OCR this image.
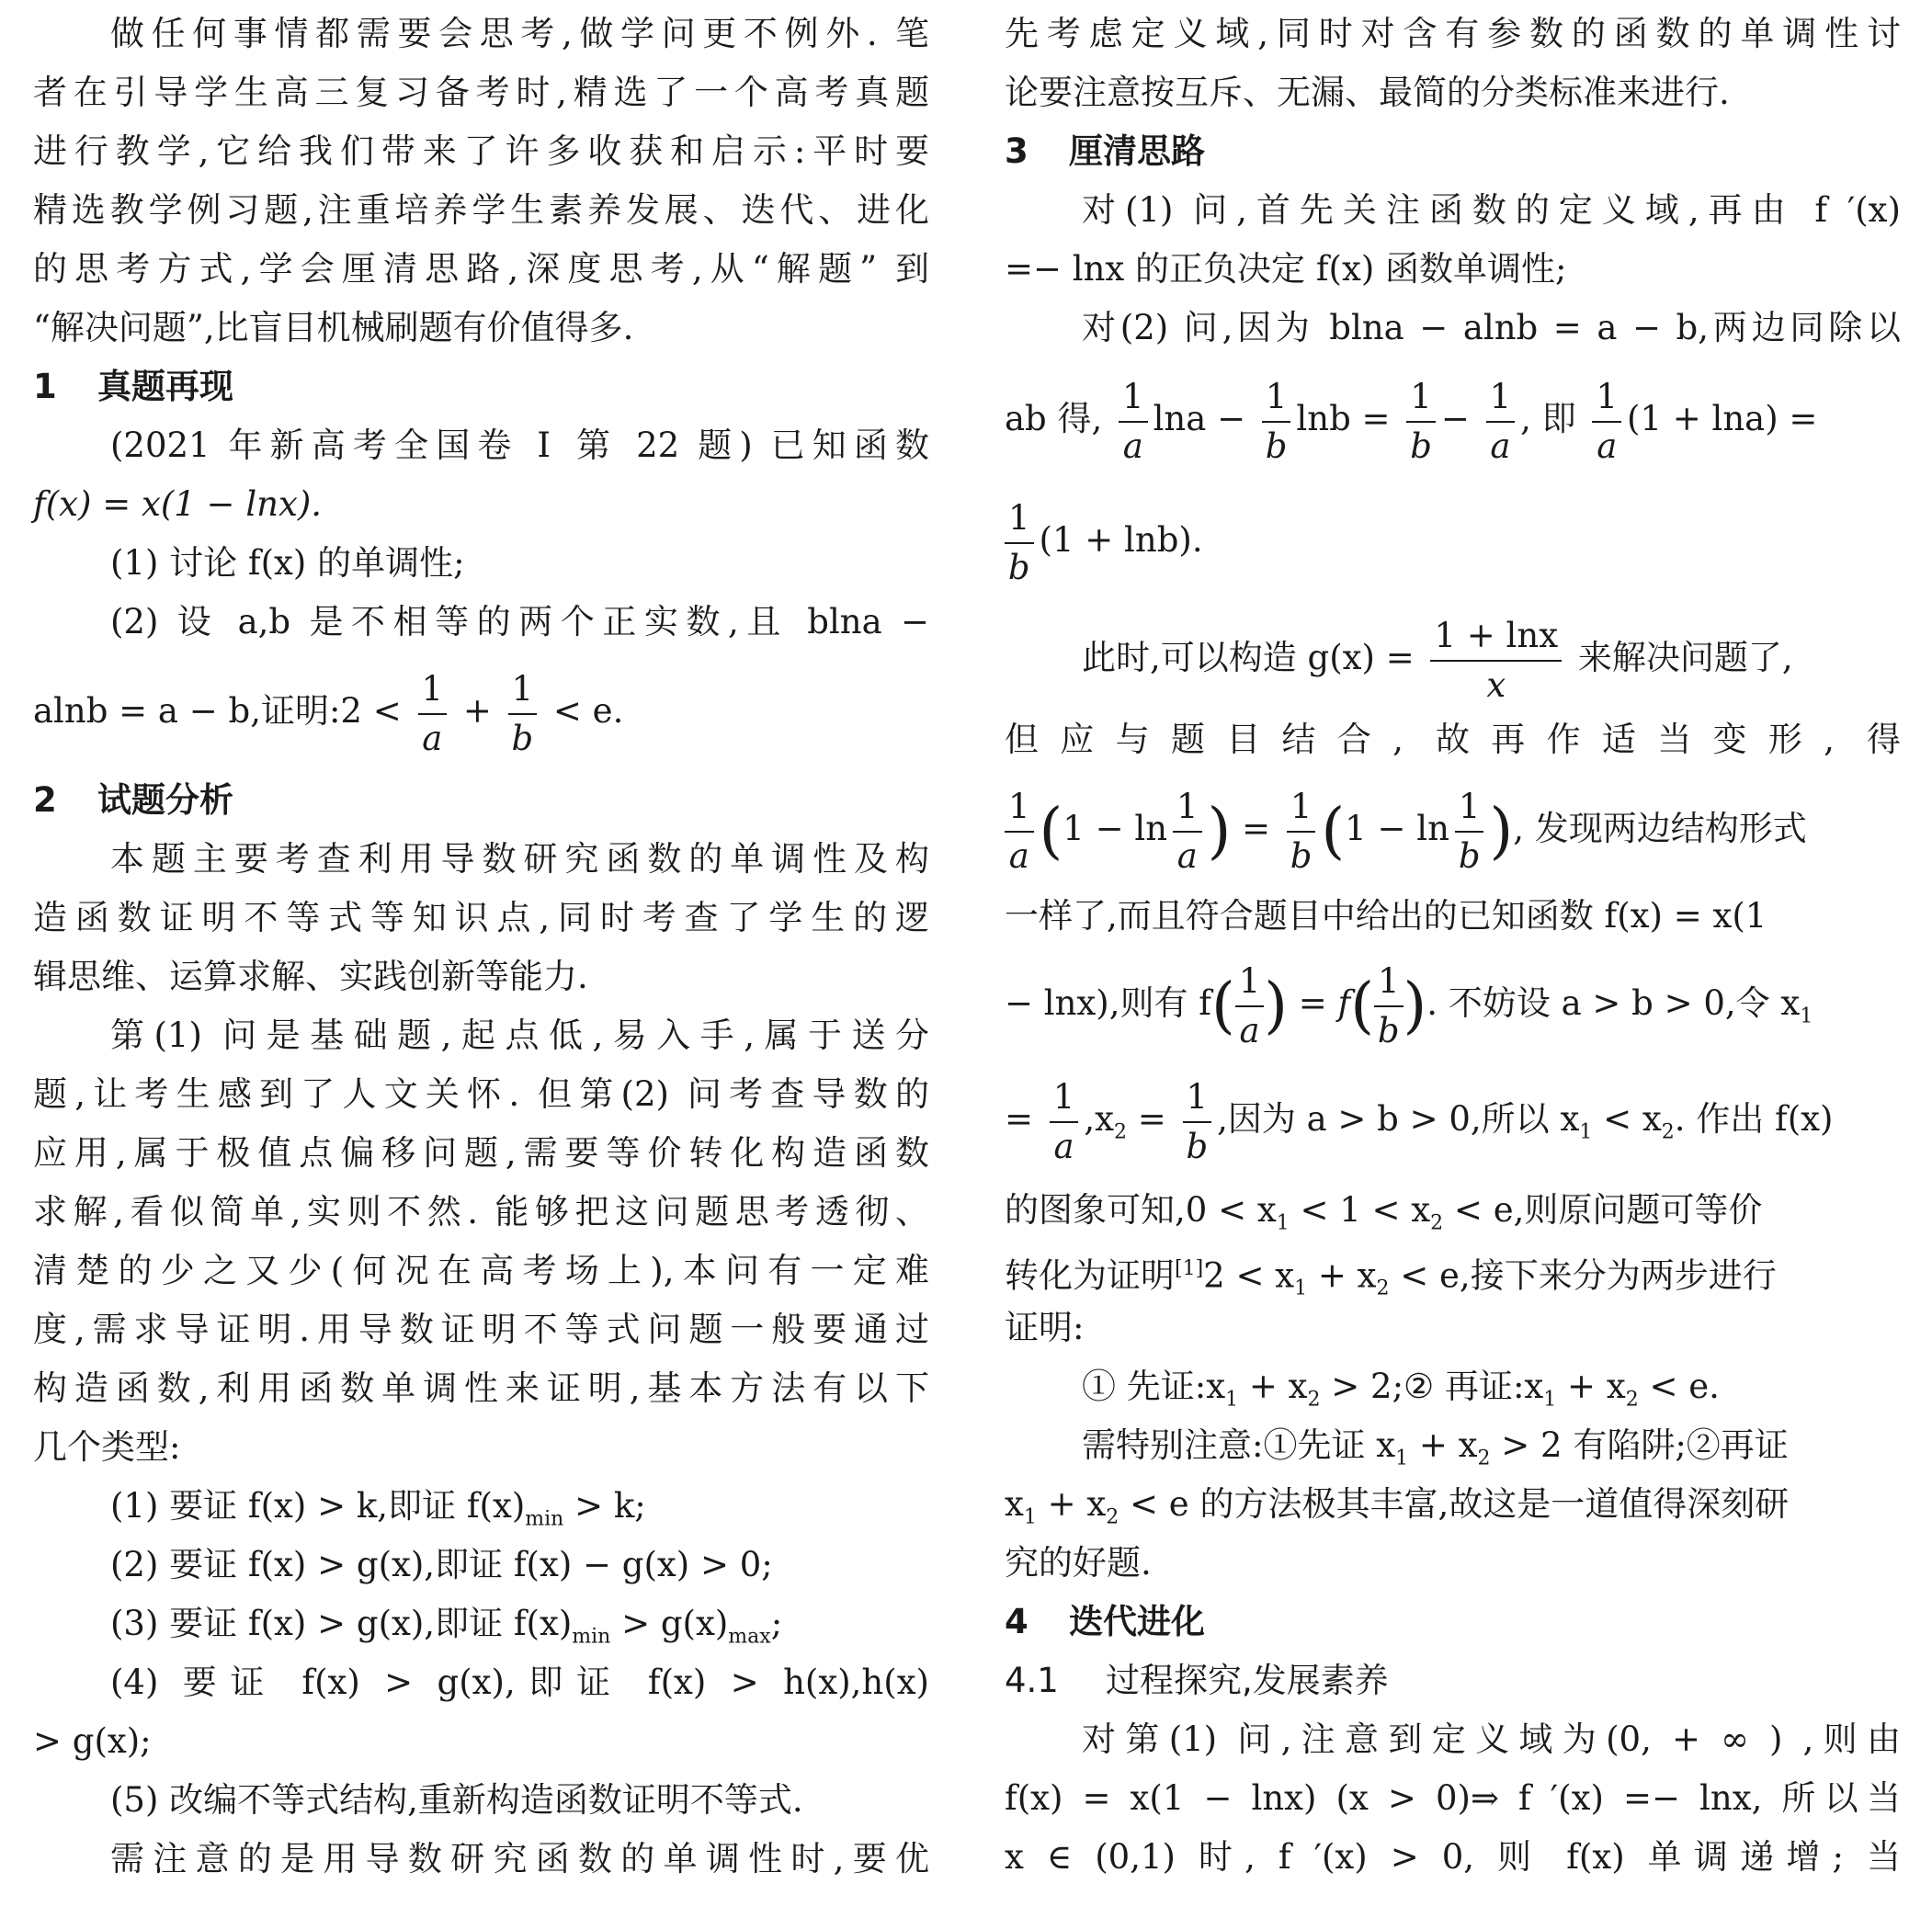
做任何事情都需要会思考,做学问更不例外. 笔
者在引导学生高三复习备考时,精选了一个高考真题
进行教学,它给我们带来了许多收获和启示:平时要
精选教学例习题,注重培养学生素养发展、迭代、进化
的思考方式,学会厘清思路,深度思考,从“解题” 到
“解决问题”,比盲目机械刷题有价值得多.
1 真题再现
(2021 年新高考全国卷 Ⅰ 第 22 题) 已知函数
f(x) = x(1 − lnx).
(1) 讨论 f(x) 的单调性;
(2) 设 a,b 是不相等的两个正实数,且 blna −
alnb = a − b,证明:2 < $\frac{1}{a} + \frac{1}{b} < e$.
2 试题分析
本题主要考查利用导数研究函数的单调性及构
造函数证明不等式等知识点,同时考查了学生的逻
辑思维、运算求解、实践创新等能力.
第(1) 问是基础题,起点低,易入手,属于送分
题,让考生感到了人文关怀. 但第(2) 问考查导数的
应用,属于极值点偏移问题,需要等价转化构造函数
求解,看似简单,实则不然. 能够把这问题思考透彻、
清楚的少之又少(何况在高考场上),本问有一定难
度,需求导证明.用导数证明不等式问题一般要通过
构造函数,利用函数单调性来证明,基本方法有以下
几个类型:
(1) 要证 f(x) > k,即证 $f(x)_{min} > k$;
(2) 要证 f(x) > g(x),即证 f(x) − g(x) > 0;
(3) 要证 f(x) > g(x),即证 $f(x)_{min} > g(x)_{max}$;
(4) 要证 f(x) > g(x),即证 f(x) > h(x),h(x)
> g(x);
(5) 改编不等式结构,重新构造函数证明不等式.
需注意的是用导数研究函数的单调性时,要优
先考虑定义域,同时对含有参数的函数的单调性讨
论要注意按互斥、无漏、最简的分类标准来进行.
3 厘清思路
对(1) 问,首先关注函数的定义域,再由 f ′(x)
=− lnx 的正负决定 f(x) 函数单调性;
对(2) 问,因为 blna − alnb = a − b,两边同除以
ab 得, $\frac{1}{a}$ $\ln a - \frac{1}{b}$ $\ln b = \frac{1}{b} - \frac{1}{a}$ , 即 $\frac{1}{a} (1 + \ln a)$ =
$\frac{1}{b} (1 + \ln b)$.
此时,可以构造 $g(x) = \frac{1 + \ln x}{x}$ 来解决问题了,
但应与题目结合, 故再作适当变形, 得
$\frac{1}{a} (1 - \ln \frac{1}{a}$ ) = $\frac{1}{b} (1 - \ln \frac{1}{b}$ ), 发现两边结构形式
一样了,而且符合题目中给出的已知函数 f(x) = x(1
− lnx),则有 $f( \frac{1}{a}$ ) = $f( \frac{1}{b}$ ). 不妨设 a > b > 0,令 $x_1$
= $\frac{1}{a} ,x_2 = \frac{1}{b}$ ,因为 a > b > 0,所以 $x_1 < x_2$. 作出 f(x)
的图象可知$,0 < x_1 < 1 < x_2 < e$,则原问题可等价
转化为证明$[1]2 < x_1 + x_2 < e$,接下来分为两步进行
证明:
① 先证$:x_1 + x_2$ > 2;② 再证$:x_1 + x_2 < e$.
需特别注意:①先证 $x_1 + x_2 > 2$ 有陷阱;②再证
$x_1 + x_2 < e$ 的方法极其丰富,故这是一道值得深刻研
究的好题.
4 迭代进化
4.1 过程探究,发展素养
对第(1) 问,注意到定义域为(0, + ∞ ) ,则由
f(x) = x(1 − lnx) (x > 0)⇒ f ′(x) =− lnx, 所以当
x ∈ (0,1) 时, f ′(x) > 0, 则 f(x) 单调递增; 当
